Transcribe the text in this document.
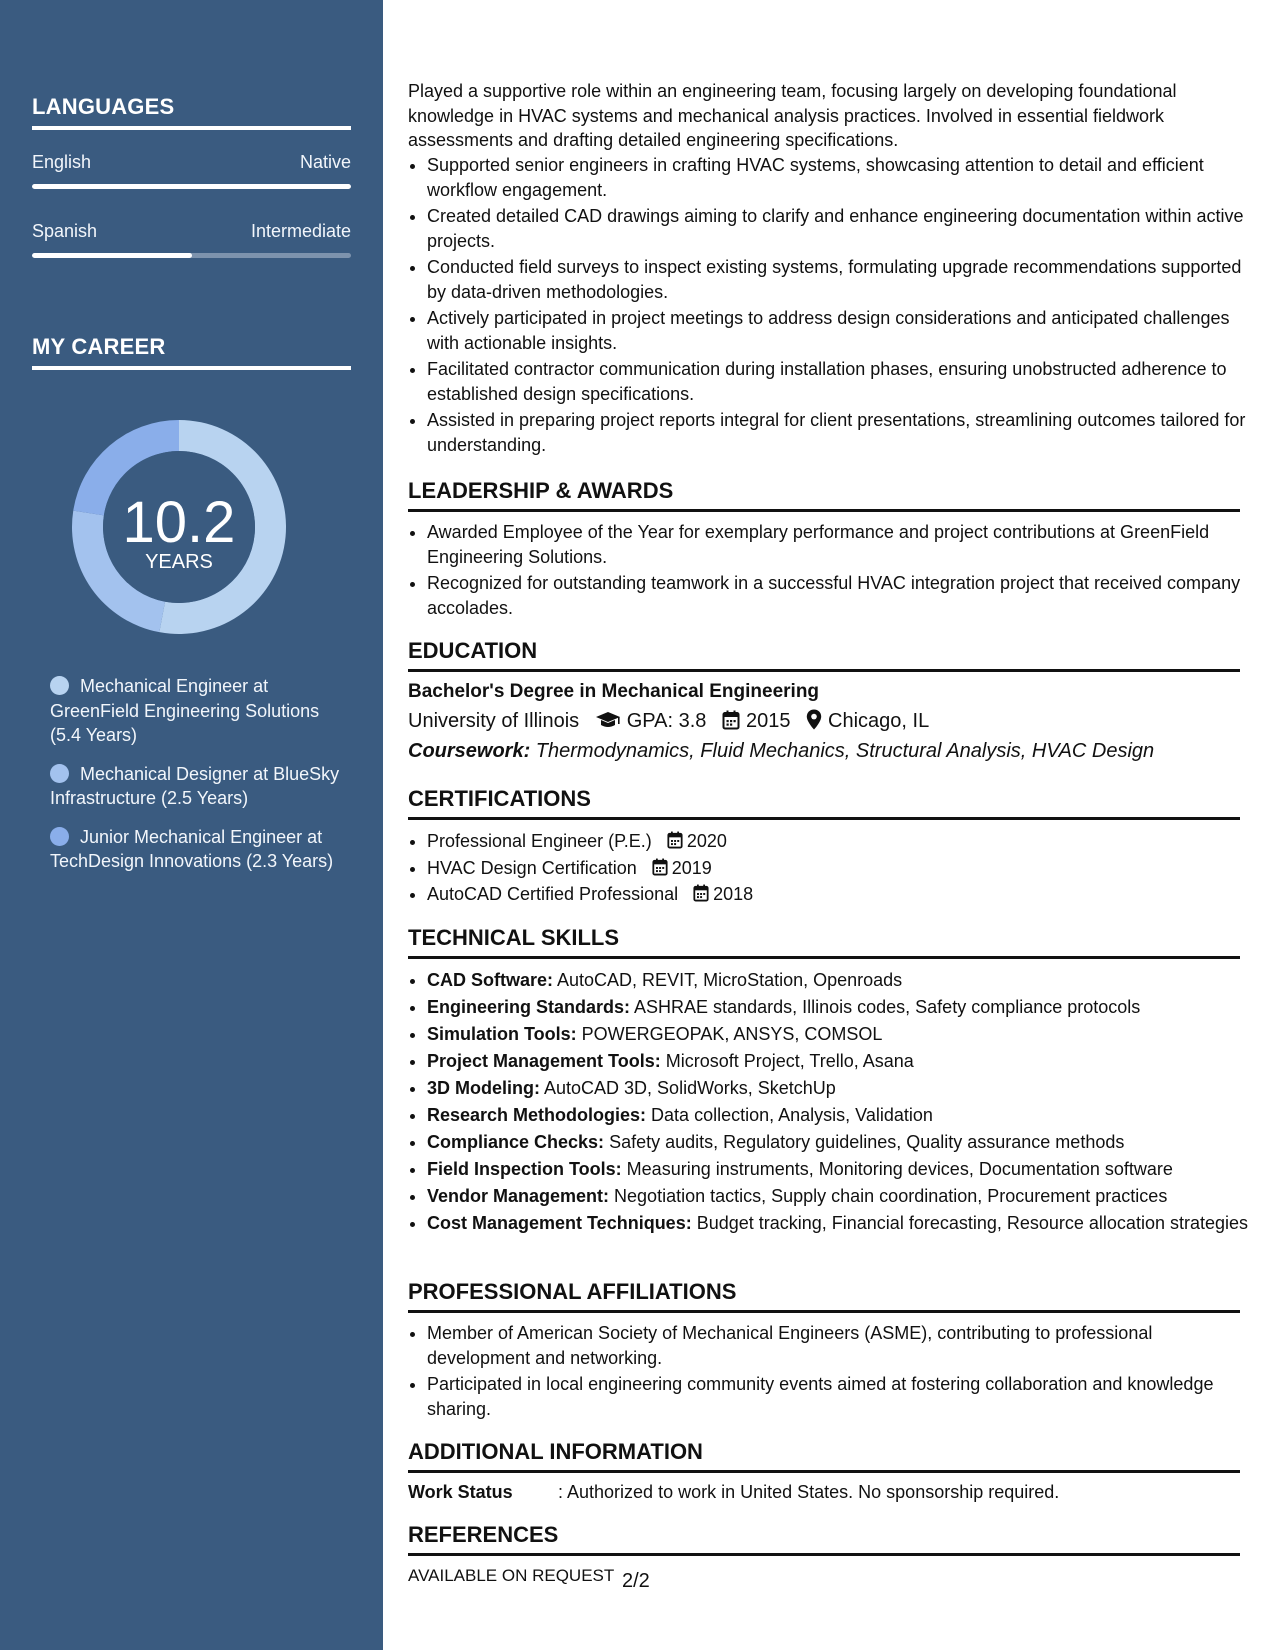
LANGUAGES
English	Native
Spanish	Intermediate
MY CAREER
10.2
YEARS
Mechanical Engineer at GreenField Engineering Solutions (5.4 Years)
Mechanical Designer at BlueSky Infrastructure (2.5 Years)
Junior Mechanical Engineer at TechDesign Innovations (2.3 Years)

Played a supportive role within an engineering team, focusing largely on developing foundational knowledge in HVAC systems and mechanical analysis practices. Involved in essential fieldwork assessments and drafting detailed engineering specifications.

• Supported senior engineers in crafting HVAC systems, showcasing attention to detail and efficient workflow engagement.
• Created detailed CAD drawings aiming to clarify and enhance engineering documentation within active projects.
• Conducted field surveys to inspect existing systems, formulating upgrade recommendations supported by data-driven methodologies.
• Actively participated in project meetings to address design considerations and anticipated challenges with actionable insights.
• Facilitated contractor communication during installation phases, ensuring unobstructed adherence to established design specifications.
• Assisted in preparing project reports integral for client presentations, streamlining outcomes tailored for understanding.
LEADERSHIP & AWARDS
• Awarded Employee of the Year for exemplary performance and project contributions at GreenField Engineering Solutions.
• Recognized for outstanding teamwork in a successful HVAC integration project that received company accolades.
EDUCATION
Bachelor's Degree in Mechanical Engineering
University of Illinois GPA: 3.8 2015 Chicago, IL
Coursework: Thermodynamics, Fluid Mechanics, Structural Analysis, HVAC Design
CERTIFICATIONS
• Professional Engineer (P.E.) 2020
• HVAC Design Certification 2019
• AutoCAD Certified Professional 2018
TECHNICAL SKILLS
• CAD Software: AutoCAD, REVIT, MicroStation, Openroads
• Engineering Standards: ASHRAE standards, Illinois codes, Safety compliance protocols
• Simulation Tools: POWERGEOPAK, ANSYS, COMSOL
• Project Management Tools: Microsoft Project, Trello, Asana
• 3D Modeling: AutoCAD 3D, SolidWorks, SketchUp
• Research Methodologies: Data collection, Analysis, Validation
• Compliance Checks: Safety audits, Regulatory guidelines, Quality assurance methods
• Field Inspection Tools: Measuring instruments, Monitoring devices, Documentation software
• Vendor Management: Negotiation tactics, Supply chain coordination, Procurement practices
• Cost Management Techniques: Budget tracking, Financial forecasting, Resource allocation strategies
PROFESSIONAL AFFILIATIONS
• Member of American Society of Mechanical Engineers (ASME), contributing to professional development and networking.
• Participated in local engineering community events aimed at fostering collaboration and knowledge sharing.
ADDITIONAL INFORMATION
Work Status	: Authorized to work in United States. No sponsorship required.
REFERENCES
AVAILABLE ON REQUEST 2/2
